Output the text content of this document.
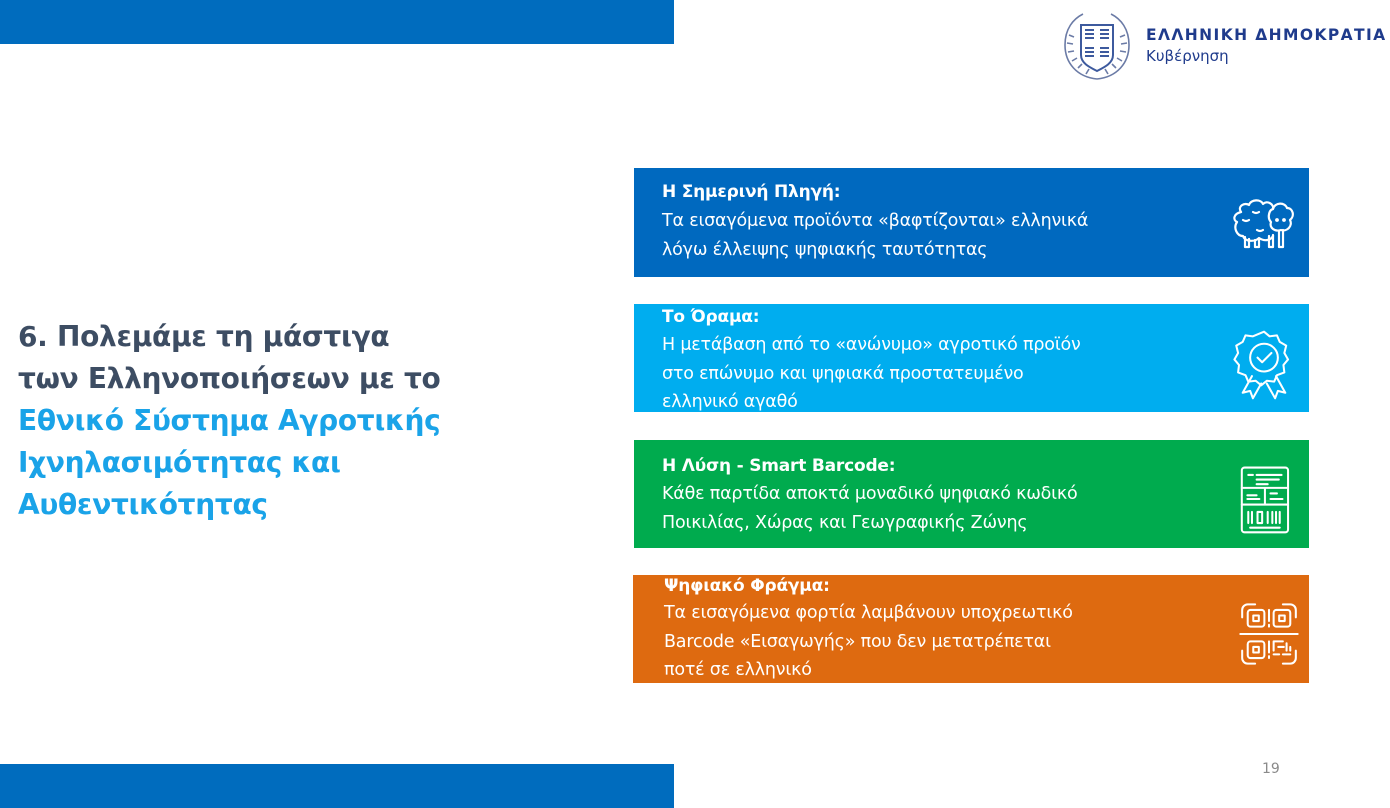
ΕΛΛΗΝΙΚΗ ΔΗΜΟΚΡΑΤΙΑ
Κυβέρνηση
6. Πολεμάμε τη μάστιγα
των Ελληνοποιήσεων με το
Εθνικό Σύστημα Αγροτικής
Ιχνηλασιμότητας και
Αυθεντικότητας
Η Σημερινή Πληγή:
Τα εισαγόμενα προϊόντα «βαφτίζονται» ελληνικά
λόγω έλλειψης ψηφιακής ταυτότητας
Το Όραμα:
Η μετάβαση από το «ανώνυμο» αγροτικό προϊόν
στο επώνυμο και ψηφιακά προστατευμένο
ελληνικό αγαθό
Η Λύση - Smart Barcode:
Κάθε παρτίδα αποκτά μοναδικό ψηφιακό κωδικό
Ποικιλίας, Χώρας και Γεωγραφικής Ζώνης
Ψηφιακό Φράγμα:
Τα εισαγόμενα φορτία λαμβάνουν υποχρεωτικό
Barcode «Εισαγωγής» που δεν μετατρέπεται
ποτέ σε ελληνικό
19
